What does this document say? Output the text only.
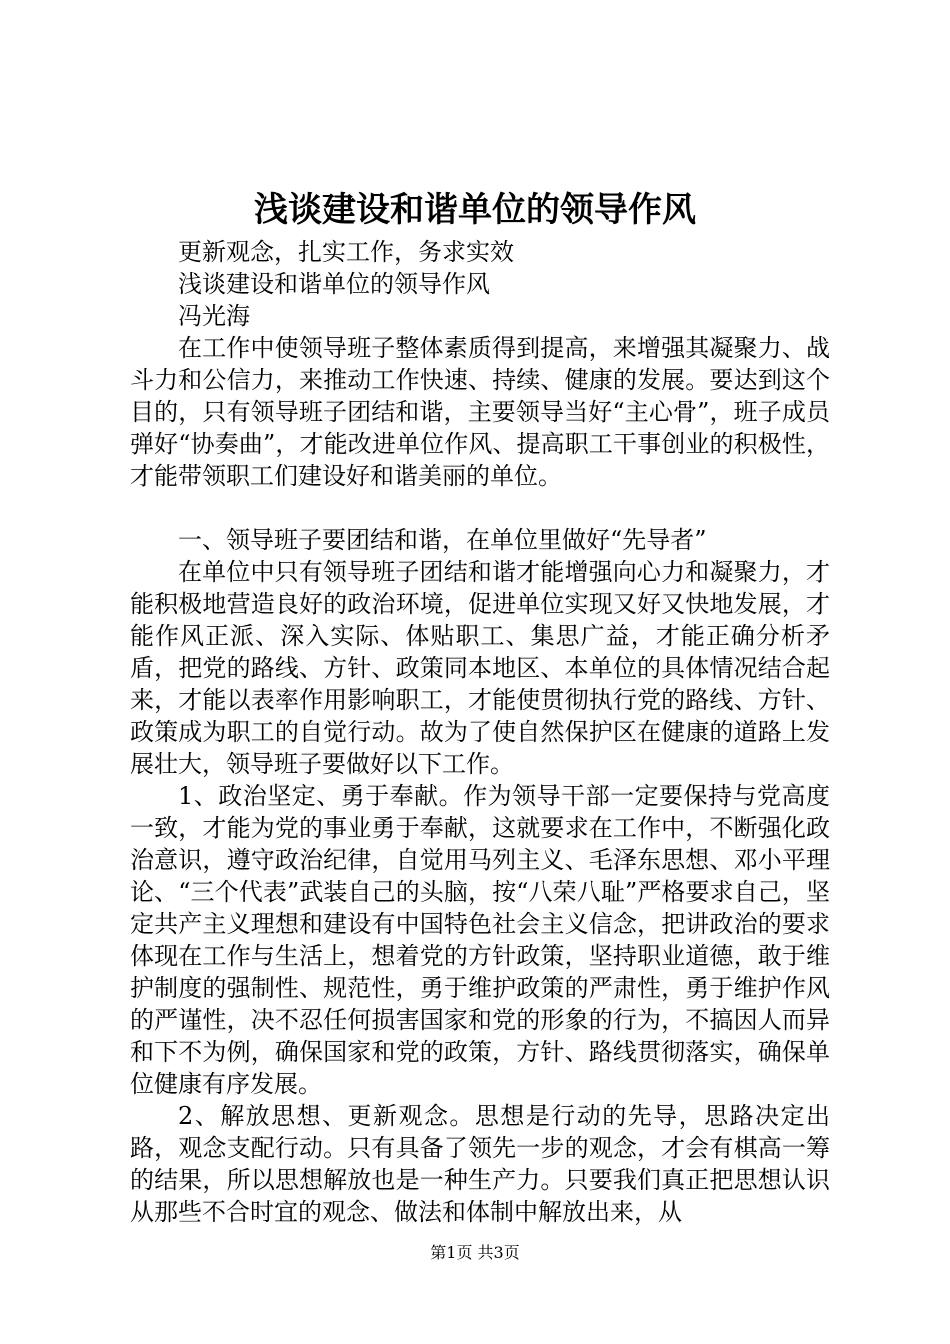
浅谈建设和谐单位的领导作风

更新观念，扎实工作，务求实效

浅谈建设和谐单位的领导作风

冯光海

在工作中使领导班子整体素质得到提高，来增强其凝聚力、战斗力和公信力，来推动工作快速、持续、健康的发展。要达到这个目的，只有领导班子团结和谐，主要领导当好“主心骨”，班子成员弹好“协奏曲”，才能改进单位作风、提高职工干事创业的积极性，才能带领职工们建设好和谐美丽的单位。

一、领导班子要团结和谐，在单位里做好“先导者”

在单位中只有领导班子团结和谐才能增强向心力和凝聚力，才能积极地营造良好的政治环境，促进单位实现又好又快地发展，才能作风正派、深入实际、体贴职工、集思广益，才能正确分析矛盾，把党的路线、方针、政策同本地区、本单位的具体情况结合起来，才能以表率作用影响职工，才能使贯彻执行党的路线、方针、政策成为职工的自觉行动。故为了使自然保护区在健康的道路上发展壮大，领导班子要做好以下工作。

1、政治坚定、勇于奉献。作为领导干部一定要保持与党高度一致，才能为党的事业勇于奉献，这就要求在工作中，不断强化政治意识，遵守政治纪律，自觉用马列主义、毛泽东思想、邓小平理论、“三个代表”武装自己的头脑，按“八荣八耻”严格要求自己，坚定共产主义理想和建设有中国特色社会主义信念，把讲政治的要求体现在工作与生活上，想着党的方针政策，坚持职业道德，敢于维护制度的强制性、规范性，勇于维护政策的严肃性，勇于维护作风的严谨性，决不忍任何损害国家和党的形象的行为，不搞因人而异和下不为例，确保国家和党的政策，方针、路线贯彻落实，确保单位健康有序发展。

2、解放思想、更新观念。思想是行动的先导，思路决定出路，观念支配行动。只有具备了领先一步的观念，才会有棋高一筹的结果，所以思想解放也是一种生产力。只要我们真正把思想认识从那些不合时宜的观念、做法和体制中解放出来，从

第1页 共3页
